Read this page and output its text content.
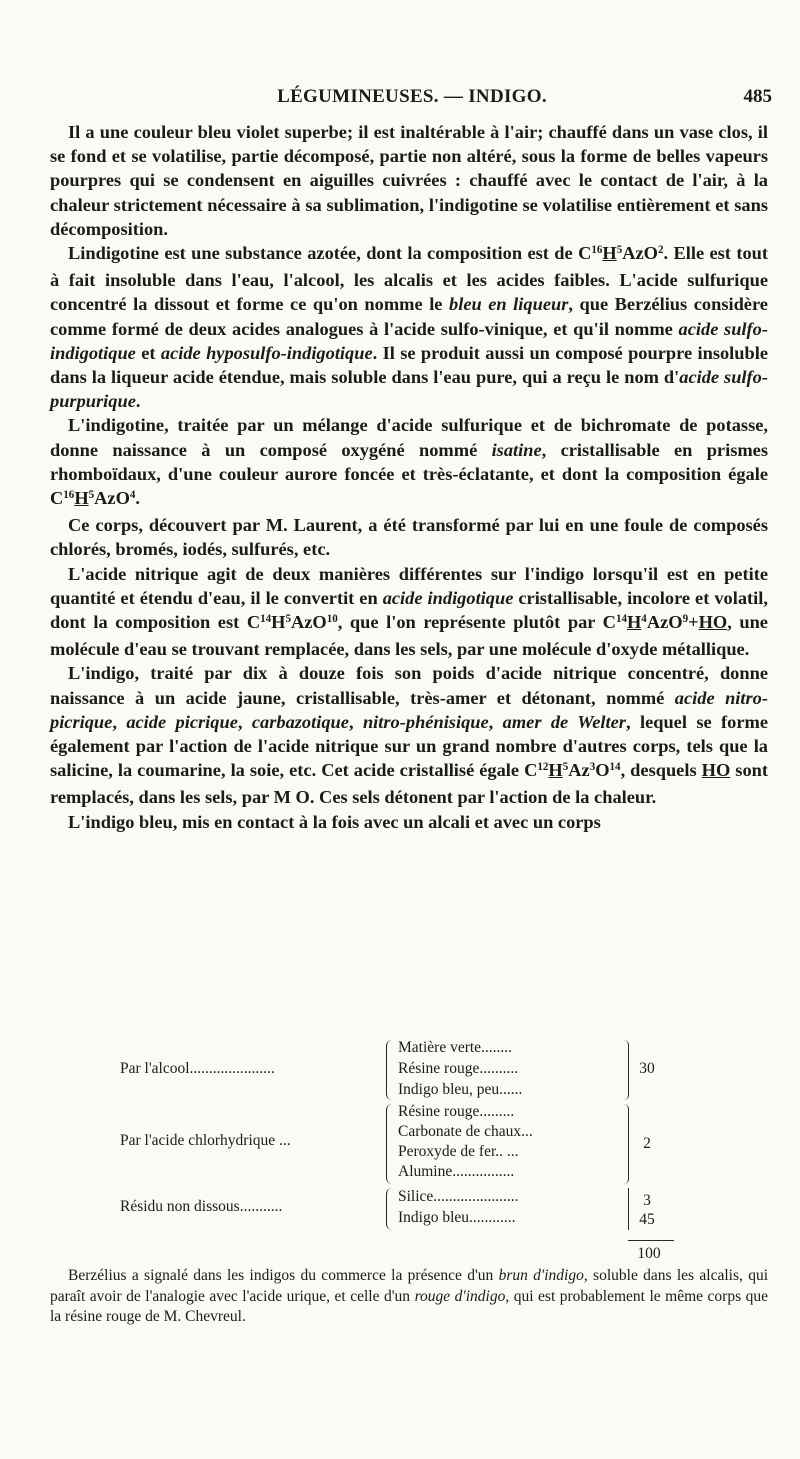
LÉGUMINEUSES. — INDIGO.	485

Il a une couleur bleu violet superbe; il est inaltérable à l'air; chauffé dans un vase clos, il se fond et se volatilise, partie décomposé, partie non altéré, sous la forme de belles vapeurs pourpres qui se condensent en aiguilles cuivrées : chauffé avec le contact de l'air, à la chaleur strictement nécessaire à sa sublimation, l'indigotine se volatilise entièrement et sans décomposition.

Lindigotine est une substance azotée, dont la composition est de $C^{16}H^5AzO^2$. Elle est tout à fait insoluble dans l'eau, l'alcool, les alcalis et les acides faibles. L'acide sulfurique concentré la dissout et forme ce qu'on nomme le bleu en liqueur, que Berzélius considère comme formé de deux acides analogues à l'acide sulfo-vinique, et qu'il nomme acide sulfo-indigotique et acide hyposulfo-indigotique. Il se produit aussi un composé pourpre insoluble dans la liqueur acide étendue, mais soluble dans l'eau pure, qui a reçu le nom d'acide sulfo-purpurique.

L'indigotine, traitée par un mélange d'acide sulfurique et de bichromate de potasse, donne naissance à un composé oxygéné nommé isatine, cristallisable en prismes rhomboïdaux, d'une couleur aurore foncée et très-éclatante, et dont la composition égale $C^{16}H^5AzO^4$.

Ce corps, découvert par M. Laurent, a été transformé par lui en une foule de composés chlorés, bromés, iodés, sulfurés, etc.

L'acide nitrique agit de deux manières différentes sur l'indigo lorsqu'il est en petite quantité et étendu d'eau, il le convertit en acide indigotique cristallisable, incolore et volatil, dont la composition est $C^{14}H^5AzO^{10}$, que l'on représente plutôt par $C^{14}H^4AzO^9+HO$, une molécule d'eau se trouvant remplacée, dans les sels, par une molécule d'oxyde métallique.

L'indigo, traité par dix à douze fois son poids d'acide nitrique concentré, donne naissance à un acide jaune, cristallisable, très-amer et détonant, nommé acide nitro-picrique, acide picrique, carbazotique, nitro-phénisique, amer de Welter, lequel se forme également par l'action de l'acide nitrique sur un grand nombre d'autres corps, tels que la salicine, la coumarine, la soie, etc. Cet acide cristallisé égale $C^{12}H^5Az^3O^{14}$, desquels HO sont remplacés, dans les sels, par M O. Ces sels détonent par l'action de la chaleur.

L'indigo bleu, mis en contact à la fois avec un alcali et avec un corps

Par l'alcool......................
Matière verte........
Résine rouge..........
Indigo bleu, peu......
30
Par l'acide chlorhydrique ...
Résine rouge.........
Carbonate de chaux...
Peroxyde de fer.. ...
Alumine................
2
Résidu non dissous...........
Silice......................
Indigo bleu............
3
45
100
Berzélius a signalé dans les indigos du commerce la présence d'un brun d'indigo, soluble dans les alcalis, qui paraît avoir de l'analogie avec l'acide urique, et celle d'un rouge d'indigo, qui est probablement le même corps que la résine rouge de M. Chevreul.
